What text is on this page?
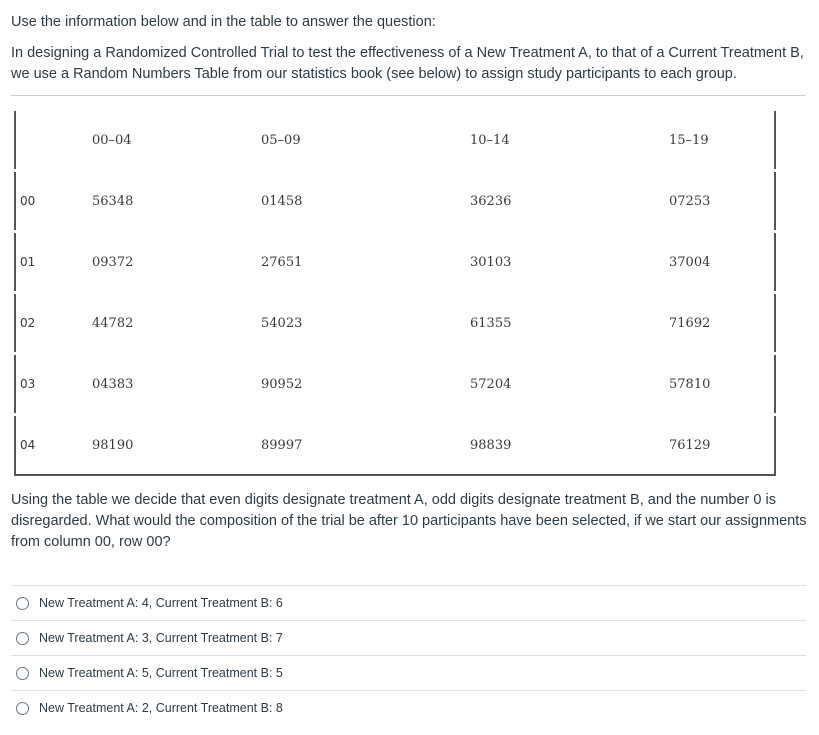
Use the information below and in the table to answer the question:

In designing a Randomized Controlled Trial to test the effectiveness of a New Treatment A, to that of a Current Treatment B, we use a Random Numbers Table from our statistics book (see below) to assign study participants to each group.

	00–04	05–09	10–14	15–19
00	56348	01458	36236	07253
01	09372	27651	30103	37004
02	44782	54023	61355	71692
03	04383	90952	57204	57810
04	98190	89997	98839	76129

Using the table we decide that even digits designate treatment A, odd digits designate treatment B, and the number 0 is disregarded. What would the composition of the trial be after 10 participants have been selected, if we start our assignments from column 00, row 00?

New Treatment A: 4, Current Treatment B: 6
New Treatment A: 3, Current Treatment B: 7
New Treatment A: 5, Current Treatment B: 5
New Treatment A: 2, Current Treatment B: 8
